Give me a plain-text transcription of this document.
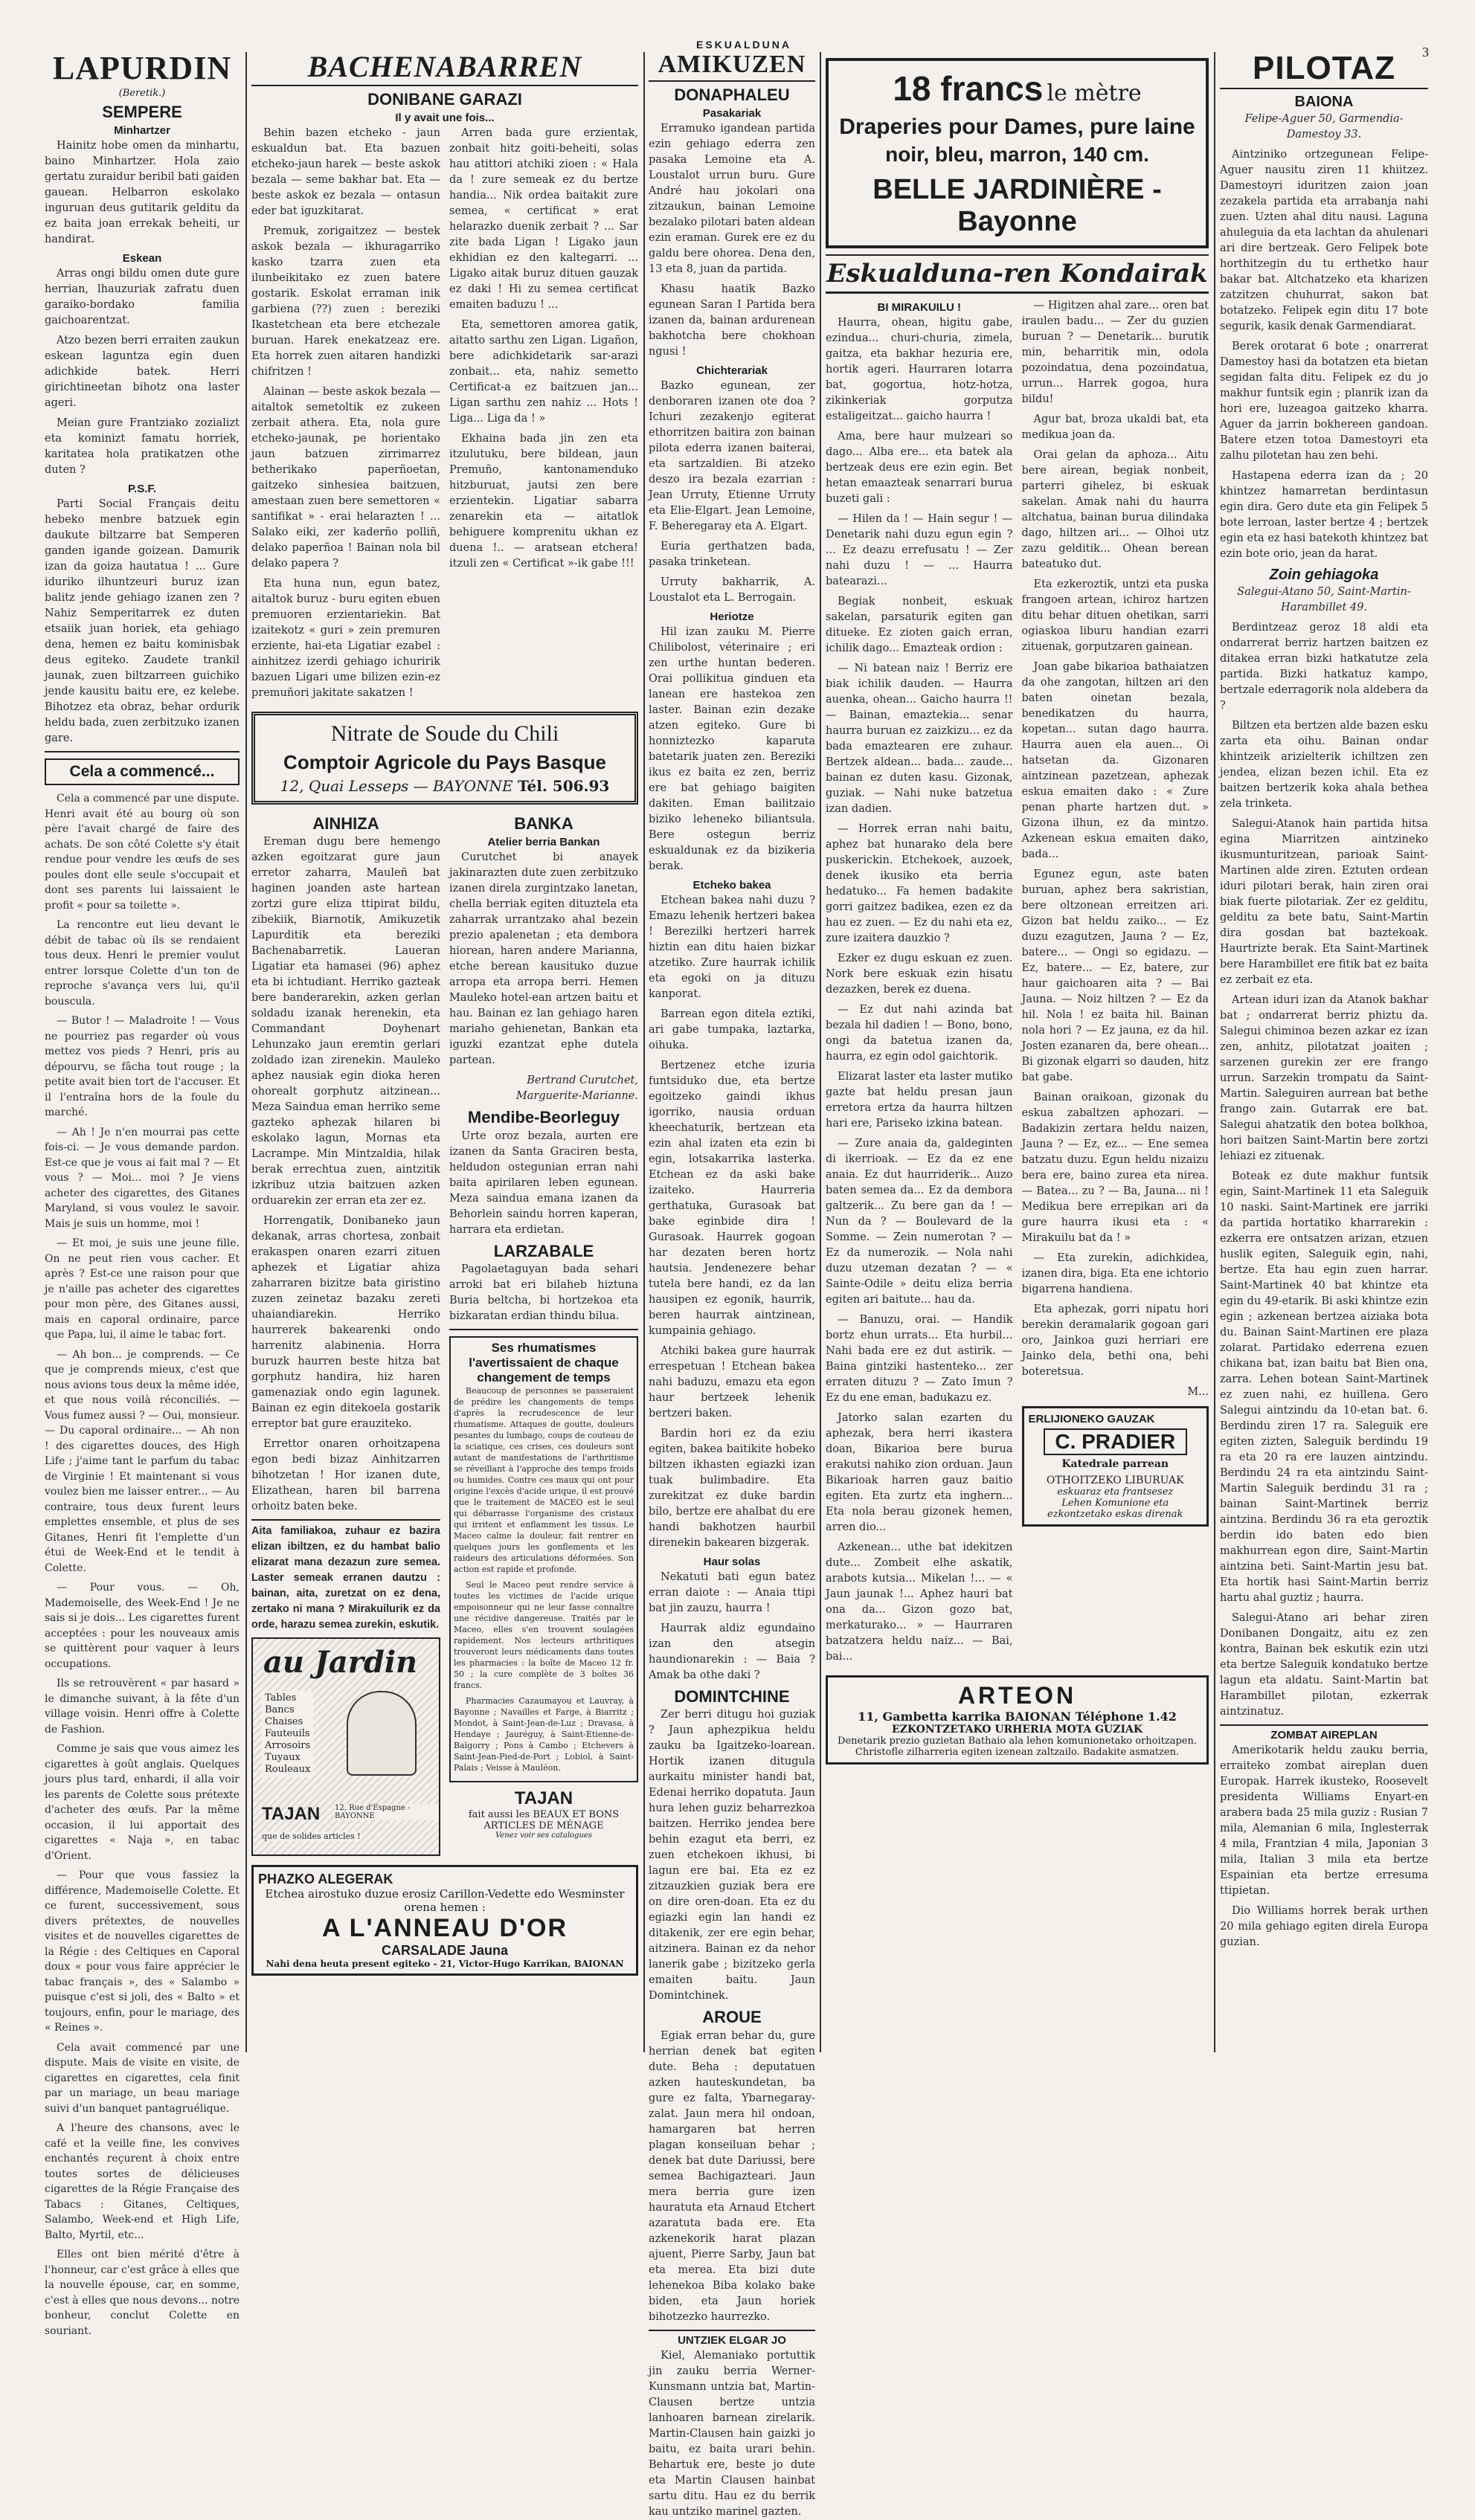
ESKUALDUNA	3
LAPURDIN

(Beretik.)

SEMPERE
Minhartzer

Hainitz hobe omen da minhartu, baino Minhartzer. Hola zaio gertatu zuraidur beribil bati gaiden gauean. Helbarron eskolako inguruan deus gutitarik gelditu da ez baita joan errekak beheiti, ur handirat.

Eskean

Arras ongi bildu omen dute gure herrian, lhauzuriak zafratu duen garaiko-bordako familia gaichoarentzat.

Atzo bezen berri erraiten zaukun eskean laguntza egin duen adichkide batek. Herri girichtineetan bihotz ona laster ageri.

Meian gure Frantziako zozializt eta kominizt famatu horriek, karitatea hola pratikatzen othe duten ?

P.S.F.

Parti Social Français deitu hebeko menbre batzuek egin daukute biltzarre bat Semperen ganden igande goizean. Damurik izan da goiza hautatua ! ... Gure iduriko ilhuntzeuri buruz izan balitz jende gehiago izanen zen ? Nahiz Semperitarrek ez duten etsaiik juan horiek, eta gehiago dena, hemen ez baitu kominisbak deus egiteko. Zaudete trankil jaunak, zuen biltzarreen guichiko jende kausitu baitu ere, ez kelebe. Bihotzez eta obraz, behar ordurik heldu bada, zuen zerbitzuko izanen gare.

Cela a commencé...

Cela a commencé par une dispute. Henri avait été au bourg où son père l'avait chargé de faire des achats. De son côté Colette s'y était rendue pour vendre les œufs de ses poules dont elle seule s'occupait et dont ses parents lui laissaient le profit « pour sa toilette ».

La rencontre eut lieu devant le débit de tabac où ils se rendaient tous deux. Henri le premier voulut entrer lorsque Colette d'un ton de reproche s'avança vers lui, qu'il bouscula.

— Butor ! — Maladroite ! — Vous ne pourriez pas regarder où vous mettez vos pieds ? Henri, pris au dépourvu, se fâcha tout rouge ; la petite avait bien tort de l'accuser. Et il l'entraîna hors de la foule du marché.

— Ah ! Je n'en mourrai pas cette fois-ci. — Je vous demande pardon. Est-ce que je vous ai fait mal ? — Et vous ? — Moi... moi ? Je viens acheter des cigarettes, des Gitanes Maryland, si vous voulez le savoir. Mais je suis un homme, moi !

— Et moi, je suis une jeune fille. On ne peut rien vous cacher. Et après ? Est-ce une raison pour que je n'aille pas acheter des cigarettes pour mon père, des Gitanes aussi, mais en caporal ordinaire, parce que Papa, lui, il aime le tabac fort.

— Ah bon... je comprends. — Ce que je comprends mieux, c'est que nous avions tous deux la même idée, et que nous voilà réconciliés. — Vous fumez aussi ? — Oui, monsieur. — Du caporal ordinaire... — Ah non ! des cigarettes douces, des High Life ; j'aime tant le parfum du tabac de Virginie ! Et maintenant si vous voulez bien me laisser entrer... — Au contraire, tous deux furent leurs emplettes ensemble, et plus de ses Gitanes, Henri fit l'emplette d'un étui de Week-End et le tendit à Colette.

— Pour vous. — Oh, Mademoiselle, des Week-End ! Je ne sais si je dois... Les cigarettes furent acceptées : pour les nouveaux amis se quittèrent pour vaquer à leurs occupations.

Ils se retrouvèrent « par hasard » le dimanche suivant, à la fête d'un village voisin. Henri offre à Colette de Fashion.

Comme je sais que vous aimez les cigarettes à goût anglais. Quelques jours plus tard, enhardi, il alla voir les parents de Colette sous prétexte d'acheter des œufs. Par la même occasion, il lui apportait des cigarettes « Naja », en tabac d'Orient.

— Pour que vous fassiez la différence, Mademoiselle Colette. Et ce furent, successivement, sous divers prétextes, de nouvelles visites et de nouvelles cigarettes de la Régie : des Celtiques en Caporal doux « pour vous faire apprécier le tabac français », des « Salambo » puisque c'est si joli, des « Balto » et toujours, enfin, pour le mariage, des « Reines ».

Cela avait commencé par une dispute. Mais de visite en visite, de cigarettes en cigarettes, cela finit par un mariage, un beau mariage suivi d'un banquet pantagruélique.

A l'heure des chansons, avec le café et la veille fine, les convives enchantés reçurent à choix entre toutes sortes de délicieuses cigarettes de la Régie Française des Tabacs : Gitanes, Celtiques, Salambo, Week-end et High Life, Balto, Myrtil, etc...

Elles ont bien mérité d'être à l'honneur, car c'est grâce à elles que la nouvelle épouse, car, en somme, c'est à elles que nous devons... notre bonheur, conclut Colette en souriant.

BACHENABARREN
DONIBANE GARAZI
Il y avait une fois...

Behin bazen etcheko - jaun eskualdun bat. Eta bazuen etcheko-jaun harek — beste askok bezala — seme bakhar bat. Eta — beste askok ez bezala — ontasun eder bat iguzkitarat.

Premuk, zorigaitzez — bestek askok bezala — ikhuragarriko kasko tzarra zuen eta ilunbeikitako ez zuen batere gostarik. Eskolat erraman inik garbiena (??) zuen : bereziki Ikastetchean eta bere etchezale buruan. Harek enekatzeaz ere. Eta horrek zuen aitaren handizki chifritzen !

Alainan — beste askok bezala — aitaltok semetoltik ez zukeen zerbait athera. Eta, nola gure etcheko-jaunak, pe horientako jaun batzuen zirrimarrez betherikako paperñoetan, gaitzeko sinhesiea baitzuen, amestaan zuen bere semettoren « santifikat » - erai helarazten ! ... Salako eiki, zer kaderño polliñ, delako paperñoa ! Bainan nola bil delako papera ?

Eta huna nun, egun batez, aitaltok buruz - buru egiten ebuen premuoren erzientariekin. Bat izaitekotz « guri » zein premuren erziente, hai-eta Ligatiar ezabel : ainhitzez izerdi gehiago ichuririk bazuen Ligari ume bilizen ezin-ez premuñori jakitate sakatzen !

Arren bada gure erzientak, zonbait hitz goiti-beheiti, solas hau atittori atchiki zioen : « Hala da ! zure semeak ez du bertze handia... Nik ordea baitakit zure semea, « certificat » erat helarazko duenik zerbait ? ... Sar zite bada Ligan ! Ligako jaun ekhidian ez den kaltegarri. ... Ligako aitak buruz dituen gauzak ez daki ! Hi zu semea certificat emaiten baduzu ! ...

Eta, semettoren amorea gatik, aitatto sarthu zen Ligan. Ligañon, bere adichkidetarik sar-arazi zonbait... eta, nahiz semetto Certificat-a ez baitzuen jan... Ligan sarthu zen nahiz ... Hots ! Liga... Liga da ! »

Ekhaina bada jin zen eta itzulutuku, bere bildean, jaun Premuño, kantonamenduko hitzburuat, jautsi zen bere erzientekin. Ligatiar sabarra zenarekin eta — aitatlok behiguere komprenitu ukhan ez duena !.. — aratsean etchera! itzuli zen « Certificat »-ik gabe !!!

Nitrate de Soude du Chili
Comptoir Agricole du Pays Basque
12, Quai Lesseps — BAYONNE Tél. 506.93
AINHIZA

Ereman dugu bere hemengo azken egoitzarat gure jaun erretor zaharra, Mauleñ bat haginen joanden aste hartean zortzi gure eliza ttipirat bildu, zibekiik, Biarnotik, Amikuzetik Lapurditik eta bereziki Bachenabarretik. Laueran Ligatiar eta hamasei (96) aphez eta bi ichtudiant. Herriko gazteak bere banderarekin, azken gerlan soldadu izanak herenekin, eta Commandant Doyhenart Lehunzako jaun eremtin gerlari zoldado izan zirenekin. Mauleko aphez nausiak egin dioka heren ohorealt gorphutz aitzinean... Meza Saindua eman herriko seme gazteko aphezak hilaren bi eskolako lagun, Mornas eta Lacrampe. Min Mintzaldia, hilak berak errechtua zuen, aintzitik izkribuz utzia baitzuen azken orduarekin zer erran eta zer ez.

Horrengatik, Donibaneko jaun dekanak, arras chortesa, zonbait erakaspen onaren ezarri zituen aphezek et Ligatiar ahiza zaharraren bizitze bata giristino zuzen zeinetaz bazaku zereti uhaiandiarekin. Herriko haurrerek bakearenki ondo harrenitz alabinenia. Horra buruzk haurren beste hitza bat gorphutz handira, hiz haren gamenaziak ondo egin lagunek. Bainan ez egin ditekoela gostarik erreptor bat gure erauziteko.

Errettor onaren orhoitzapena egon bedi bizaz Ainhitzarren bihotzetan ! Hor izanen dute, Elizathean, haren bil barrena orhoitz baten beke.

Aita familiakoa, zuhaur ez bazira elizan ibiltzen, ez du hambat balio elizarat mana dezazun zure semea. Laster semeak erranen dautzu : bainan, aita, zuretzat on ez dena, zertako ni mana ? Mirakuilurik ez da orde, harazu semea zurekin, eskutik.

au Jardin
Tables
Bancs
Chaises
Fauteuils
Arrosoirs
Tuyaux
Rouleaux
TAJAN 12, Rue d'Espagne - BAYONNE
que de solides articles !
BANKA
Atelier berria Bankan

Curutchet bi anayek jakinarazten dute zuen zerbitzuko izanen direla zurgintzako lanetan, chella berriak egiten dituztela eta zaharrak urrantzako ahal bezein prezio apalenetan ; eta dembora hiorean, haren andere Marianna, etche berean kausituko duzue arropa eta arropa berri. Hemen Mauleko hotel-ean artzen baitu et hau. Bainan ez lan gehiago haren mariaho gehienetan, Bankan eta iguzki ezantzat ephe dutela partean.

Bertrand Curutchet, Marguerite-Marianne.

Mendibe-Beorleguy

Urte oroz bezala, aurten ere izanen da Santa Graciren besta, heldudon ostegunian erran nahi baita apirilaren leben egunean. Meza saindua emana izanen da Behorlein saindu horren kaperan, harrara eta erdietan.

LARZABALE

Pagolaetaguyan bada sehari arroki bat eri bilaheb hiztuna Buria beltcha, bi hortzekoa eta bizkaratan erdian thindu bilua.

Ses rhumatismes l'avertissaient de chaque changement de temps

Beaucoup de personnes se passeraient de prédire les changements de temps d'après la recrudescence de leur rhumatisme. Attaques de goutte, douleurs pesantes du lumbago, coups de couteau de la sciatique, ces crises, ces douleurs sont autant de manifestations de l'arthritisme se réveillant à l'approche des temps froids ou humides. Contre ces maux qui ont pour origine l'excès d'acide urique, il est prouvé que le traitement de MACEO est le seul qui débarrasse l'organisme des cristaux qui irritent et enflamment les tissus. Le Maceo calme la douleur, fait rentrer en quelques jours les gonflements et les raideurs des articulations déformées. Son action est rapide et profonde.

Seul le Maceo peut rendre service à toutes les victimes de l'acide urique empoisonneur qui ne leur fasse connaître une récidive dangereuse. Traités par le Maceo, elles s'en trouvent soulagées rapidement. Nos lecteurs arthritiques trouveront leurs médicaments dans toutes les pharmacies : la boîte de Maceo 12 fr. 50 ; la cure complète de 3 boîtes 36 francs.

Pharmacies Cazaumayou et Lauvray, à Bayonne ; Navailles et Farge, à Biarritz ; Mondot, à Saint-Jean-de-Luz ; Dravasa, à Hendaye ; Jauréguy, à Saint-Etienne-de-Baïgorry ; Pons à Cambo ; Etchevers à Saint-Jean-Pied-de-Port ; Lobiol, à Saint-Palais ; Veisse à Mauléon.

TAJAN
fait aussi les BEAUX ET BONS ARTICLES DE MÉNAGE
Venez voir ses catalogues
PHAZKO ALEGERAK
Etchea airostuko duzue erosiz Carillon-Vedette edo Wesminster orena hemen :
A L'ANNEAU D'OR
CARSALADE Jauna
Nahi dena heuta present egiteko - 21, Victor-Hugo Karrikan, BAIONAN
AMIKUZEN
DONAPHALEU
Pasakariak

Erramuko igandean partida ezin gehiago ederra zen pasaka Lemoine eta A. Loustalot urrun buru. Gure André hau jokolari ona zitzaukun, bainan Lemoine bezalako pilotari baten aldean ezin eraman. Gurek ere ez du galdu bere ohorea. Dena den, 13 eta 8, juan da partida.

Khasu haatik Bazko egunean Saran I Partida bera izanen da, bainan ardurenean bakhotcha bere chokhoan ngusi !

Chichterariak

Bazko egunean, zer denboraren izanen ote doa ? Ichuri zezakenjo egiterat ethorritzen baitira zon bainan pilota ederra izanen baiterai, eta sartzaldien. Bi atzeko deszo ira bezala ezarrian : Jean Urruty, Etienne Urruty eta Elie-Elgart. Jean Lemoine, F. Beheregaray eta A. Elgart.

Euria gerthatzen bada, pasaka trinketean.

Urruty bakharrik, A. Loustalot eta L. Berrogain.

Heriotze

Hil izan zauku M. Pierre Chilibolost, véterinaire ; eri zen urthe huntan bederen. Orai pollikitua ginduen eta lanean ere hastekoa zen laster. Bainan ezin dezake atzen egiteko. Gure bi honniztezko kaparuta batetarik juaten zen. Bereziki ikus ez baita ez zen, berriz ere bat gehiago baigiten dakiten. Eman bailitzaio biziko leheneko biliantsula. Bere ostegun berriz eskualdunak ez da bizikeria berak.

Etcheko bakea

Etchean bakea nahi duzu ? Emazu lehenik hertzeri bakea ! Berezilki hertzeri harrek hiztin ean ditu haien bizkar atzetiko. Zure haurrak ichilik eta egoki on ja dituzu kanporat.

Barrean egon ditela eztiki, ari gabe tumpaka, laztarka, oihuka.

Bertzenez etche izuria funtsiduko due, eta bertze egoitzeko gaindi ikhus igorriko, nausia orduan kheechaturik, bertzean eta ezin ahal izaten eta ezin bi egin, lotsakarrika lasterka. Etchean ez da aski bake izaiteko. Haurreria gerthatuka, Gurasoak bat bake eginbide dira ! Gurasoak. Haurrek gogoan har dezaten beren hortz hautsia. Jendenezere behar tutela bere handi, ez da lan hausipen ez egonik, haurrik, beren haurrak aintzinean, kumpainia gehiago.

Atchiki bakea gure haurrak errespetuan ! Etchean bakea nahi baduzu, emazu eta egon haur bertzeek lehenik bertzeri baken.

Bardin hori ez da eziu egiten, bakea baitikite hobeko biltzen ikhasten egiazki izan tuak bulimbadire. Eta zurekitzat ez duke bardin bilo, bertze ere ahalbat du ere handi bakhotzen haurbil direnekin bakearen bizgerak.

Haur solas

Nekatuti bati egun batez erran daiote : — Anaia ttipi bat jin zauzu, haurra !

Haurrak aldiz egundaino izan den atsegin haundionarekin : — Baia ? Amak ba othe daki ?

DOMINTCHINE

Zer berri ditugu hoi guziak ? Jaun aphezpikua heldu zauku ba Igaitzeko-loarean. Hortik izanen ditugula aurkaitu minister handi bat, Edenai herriko dopatuta. Jaun hura lehen guziz beharrezkoa baitzen. Herriko jendea bere behin ezagut eta berri, ez zuen etchekoen ikhusi, bi lagun ere bai. Eta ez ez zitzauzkien guziak bera ere on dire oren-doan. Eta ez du egiazki egin lan handi ez ditakenik, zer ere egin behar, aitzinera. Bainan ez da nehor lanerik gabe ; bizitzeko gerla emaiten baitu. Jaun Domintchinek.

AROUE

Egiak erran behar du, gure herrian denek bat egiten dute. Beha : deputatuen azken hauteskundetan, ba gure ez falta, Ybarnegaray-zalat. Jaun mera hil ondoan, hamargaren bat herren plagan konseiluan behar ; denek bat dute Dariussi, bere semea Bachigazteari. Jaun mera berria gure izen hauratuta eta Arnaud Etchert azaratuta bada ere. Eta azkenekorik harat plazan ajuent, Pierre Sarby, Jaun bat eta merea. Eta bizi dute lehenekoa Biba kolako bake biden, eta Jaun horiek bihotzezko haurrezko.

UNTZIEK ELGAR JO

Kiel, Alemaniako portuttik jin zauku berria Werner-Kunsmann untzia bat, Martin-Clausen bertze untzia lanhoaren barnean zirelarik. Martin-Clausen hain gaizki jo baitu, ez baita urari behin. Behartuk ere, beste jo dute eta Martin Clausen hainbat sartu ditu. Hau ez du berrik kau untziko marinel gazten.

18 francs le mètre
Draperies pour Dames, pure laine
noir, bleu, marron, 140 cm.
BELLE JARDINIÈRE - Bayonne
Eskualduna-ren Kondairak
BI MIRAKUILU !

Haurra, ohean, higitu gabe, ezindua... churi-churia, zimela, gaitza, eta bakhar hezuria ere, hortik ageri. Haurraren lotarra bat, gogortua, hotz-hotza, zikinkeriak gorputza estaligeitzat... gaicho haurra !

Ama, bere haur mulzeari so dago... Alba ere... eta batek ala bertzeak deus ere ezin egin. Bet hetan emaazteak senarrari burua buzeti gali :

— Hilen da ! — Hain segur ! — Denetarik nahi duzu egun egin ? ... Ez deazu errefusatu ! — Zer nahi duzu ! — ... Haurra batearazi...

Begiak nonbeit, eskuak sakelan, parsaturik egiten gan ditueke. Ez zioten gaich erran, ichilik dago... Emazteak ordion :

— Ni batean naiz ! Berriz ere biak ichilik dauden. — Haurra auenka, ohean... Gaicho haurra !! — Bainan, emaztekia... senar haurra buruan ez zaizkizu... ez da bada emaztearen ere zuhaur. Bertzek aldean... bada... zaude... bainan ez duten kasu. Gizonak, guziak. — Nahi nuke batzetua izan dadien.

— Horrek erran nahi baitu, aphez bat hunarako dela bere puskerickin. Etchekoek, auzoek, denek ikusiko eta berria hedatuko... Fa hemen badakite gorri gaitzez badikea, ezen ez da hau ez zuen. — Ez du nahi eta ez, zure izaitera dauzkio ?

Ezker ez dugu eskuan ez zuen. Nork bere eskuak ezin hisatu dezazken, berek ez duena.

— Ez dut nahi azinda bat bezala hil dadien ! — Bono, bono, ongi da batetua izanen da, haurra, ez egin odol gaichtorik.

Elizarat laster eta laster mutiko gazte bat heldu presan jaun erretora ertza da haurra hiltzen hari ere, Pariseko izkina batean.

— Zure anaia da, galdeginten di ikerrioak. — Ez da ez ene anaia. Ez dut haurriderik... Auzo baten semea da... Ez da dembora galtzerik... Zu bere gan da ! — Nun da ? — Boulevard de la Somme. — Zein numerotan ? — Ez da numerozik. — Nola nahi duzu utzeman dezatan ? — « Sainte-Odile » deitu eliza berria egiten ari baitute... hau da.

— Banuzu, orai. — Handik bortz ehun urrats... Eta hurbil... Nahi bada ere ez dut astirik. — Baina gintziki hastenteko... zer erraten dituzu ? — Zato Imun ? Ez du ene eman, badukazu ez.

Jatorko salan ezarten du aphezak, bera herri ikastera doan, Bikarioa bere burua erakutsi nahiko zion orduan. Jaun Bikarioak harren gauz baitio egiten. Eta zurtz eta inghern... Eta nola berau gizonek hemen, arren dio...

Azkenean... uthe bat idekitzen dute... Zombeit elhe askatik, arabots kutsia... Mikelan !... — « Jaun jaunak !... Aphez hauri bat ona da... Gizon gozo bat, merkaturako... » — Haurraren batzatzera heldu naiz... — Bai, bai...

— Higitzen ahal zare... oren bat iraulen badu... — Zer du guzien buruan ? — Denetarik... burutik min, beharritik min, odola pozoindatua, dena pozoindatua, urrun... Harrek gogoa, hura bildu!

Agur bat, broza ukaldi bat, eta medikua joan da.

Orai gelan da aphoza... Aitu bere airean, begiak nonbeit, parterri gihelez, bi eskuak sakelan. Amak nahi du haurra altchatua, bainan burua dilindaka dago, hiltzen ari... — Olhoi utz zazu gelditik... Ohean berean bateatuko dut.

Eta ezkeroztik, untzi eta puska frangoen artean, ichiroz hartzen ditu behar dituen ohetikan, sarri ogiaskoa liburu handian ezarri zituenak, gorputzaren gainean.

Joan gabe bikarioa bathaiatzen da ohe zangotan, hiltzen ari den baten oinetan bezala, benedikatzen du haurra, kopetan... sutan dago haurra. Haurra auen ela auen... Oi hatsetan da. Gizonaren aintzinean pazetzean, aphezak eskua emaiten dako : « Zure penan pharte hartzen dut. » Gizona ilhun, ez da mintzo. Azkenean eskua emaiten dako, bada...

Egunez egun, aste baten buruan, aphez bera sakristian, bere oltzonean erreitzen ari. Gizon bat heldu zaiko... — Ez duzu ezagutzen, Jauna ? — Ez, batere... — Ongi so egidazu. — Ez, batere... — Ez, batere, zur haur gaichoaren aita ? — Bai Jauna. — Noiz hiltzen ? — Ez da hil. Nola ! ez baita hil. Bainan nola hori ? — Ez jauna, ez da hil. Josten ezanaren da, bere ohean... Bi gizonak elgarri so dauden, hitz bat gabe.

Bainan oraikoan, gizonak du eskua zabaltzen aphozari. — Badakizin zertara heldu naizen, Jauna ? — Ez, ez... — Ene semea batzatu duzu. Egun heldu nizaizu bera ere, baino zurea eta nirea. — Batea... zu ? — Ba, Jauna... ni ! Medikua bere errepikan ari da gure haurra ikusi eta : « Mirakuilu bat da ! »

— Eta zurekin, adichkidea, izanen dira, biga. Eta ene ichtorio bigarrena handiena.

Eta aphezak, gorri nipatu hori berekin deramalarik gogoan gari oro, Jainkoa guzi herriari ere Jainko dela, bethi ona, behi boteretsua.

M...

ERLIJIONEKO GAUZAK
C. PRADIER
Katedrale parrean
OTHOITZEKO LIBURUAK
eskuaraz eta frantsesez
Lehen Komunione eta
ezkontzetako eskas direnak
ARTEON
11, Gambetta karrika BAIONAN Téléphone 1.42
EZKONTZETAKO URHERIA MOTA GUZIAK
Denetarik prezio guzietan Bathaio ala lehen komunionetako orhoitzapen.
Christofle zilharreria egiten izenean zaltzailo. Badakite asmatzen.
PILOTAZ
BAIONA

Felipe-Aguer 50, Garmendia-Damestoy 33.

Aintziniko ortzegunean Felipe-Aguer nausitu ziren 11 khiitzez. Damestoyri iduritzen zaion joan zezakela partida eta arrabanja nahi zuen. Uzten ahal ditu nausi. Laguna ahuleguia da eta lachtan da ahulenari ari dire bertzeak. Gero Felipek bote horthitzegin du tu erthetko haur bakar bat. Altchatzeko eta kharizen zatzitzen chuhurrat, sakon bat botatzeko. Felipek egin ditu 17 bote segurik, kasik denak Garmendiarat.

Berek orotarat 6 bote ; onarrerat Damestoy hasi da botatzen eta bietan segidan falta ditu. Felipek ez du jo makhur funtsik egin ; planrik izan da hori ere, luzeagoa gaitzeko kharra. Aguer da jarrin bokhereen gandoan. Batere etzen totoa Damestoyri eta zalhu pilotetan hau zen behi.

Hastapena ederra izan da ; 20 khintzez hamarretan berdintasun egin dira. Gero dute eta gin Felipek 5 bote lerroan, laster bertze 4 ; bertzek egin eta ez hasi batekoth khintzez bat ezin bote orio, jean da harat.

Zoin gehiagoka

Salegui-Atano 50, Saint-Martin-Harambillet 49.

Berdintzeaz geroz 18 aldi eta ondarrerat berriz hartzen baitzen ez ditakea erran bizki hatkatutze zela partida. Bizki hatkatuz kampo, bertzale ederragorik nola aldebera da ?

Biltzen eta bertzen alde bazen esku zarta eta oihu. Bainan ondar khintzeik arizielterik ichiltzen zen jendea, elizan bezen ichil. Eta ez baitzen bertzerik koka ahala bethea zela trinketa.

Salegui-Atanok hain partida hitsa egina Miarritzen aintzineko ikusmunturitzean, parioak Saint-Martinen alde ziren. Eztuten ordean iduri pilotari berak, hain ziren orai biak fuerte pilotariak. Zer ez gelditu, gelditu za bete batu, Saint-Martin dira gosdan bat baztekoak. Haurtrizte berak. Eta Saint-Martinek bere Harambillet ere fitik bat ez baita ez zerbait ez eta.

Artean iduri izan da Atanok bakhar bat ; ondarrerat berriz phiztu da. Salegui chiminoa bezen azkar ez izan zen, anhitz, pilotatzat joaiten ; sarzenen gurekin zer ere frango urrun. Sarzekin trompatu da Saint-Martin. Saleguiren aurrean bat bethe frango zain. Gutarrak ere bat. Salegui ahatzatik den botea bolkhoa, hori baitzen Saint-Martin bere zortzi lehiazi ez zituenak.

Boteak ez dute makhur funtsik egin, Saint-Martinek 11 eta Saleguik 10 naski. Saint-Martinek ere jarriki da partida hortatiko kharrarekin : ezkerra ere ontsatzen arizan, etzuen huslik egiten, Saleguik egin, nahi, bertze. Eta hau egin zuen harrar. Saint-Martinek 40 bat khintze eta egin du 49-etarik. Bi aski khintze ezin egin ; azkenean bertzea aiziaka bota du. Bainan Saint-Martinen ere plaza zolarat. Partidako ederrena ezuen chikana bat, izan baitu bat Bien ona, zarra. Lehen botean Saint-Martinek ez zuen nahi, ez huillena. Gero Salegui aintzindu da 10-etan bat. 6. Berdindu ziren 17 ra. Saleguik ere egiten zizten, Saleguik berdindu 19 ra eta 20 ra ere lauzen aintzindu. Berdindu 24 ra eta aintzindu Saint-Martin Saleguik berdindu 31 ra ; bainan Saint-Martinek berriz aintzina. Berdindu 36 ra eta geroztik berdin ido baten edo bien makhurrean egon dire, Saint-Martin aintzina beti. Saint-Martin jesu bat. Eta hortik hasi Saint-Martin berriz hartu ahal guztiz ; haurra.

Salegui-Atano ari behar ziren Donibanen Dongaitz, aitu ez zen kontra, Bainan bek eskutik ezin utzi eta bertze Saleguik kondatuko bertze lagun eta aldatu. Saint-Martin bat Harambillet pilotan, ezkerrak aintzinatuz.

ZOMBAT AIREPLAN

Amerikotarik heldu zauku berria, erraiteko zombat aireplan duen Europak. Harrek ikusteko, Roosevelt presidenta Williams Enyart-en arabera bada 25 mila guziz : Rusian 7 mila, Alemanian 6 mila, Inglesterrak 4 mila, Frantzian 4 mila, Japonian 3 mila, Italian 3 mila eta bertze Espainian eta bertze erresuma ttipietan.

Dio Williams horrek berak urthen 20 mila gehiago egiten direla Europa guzian.
